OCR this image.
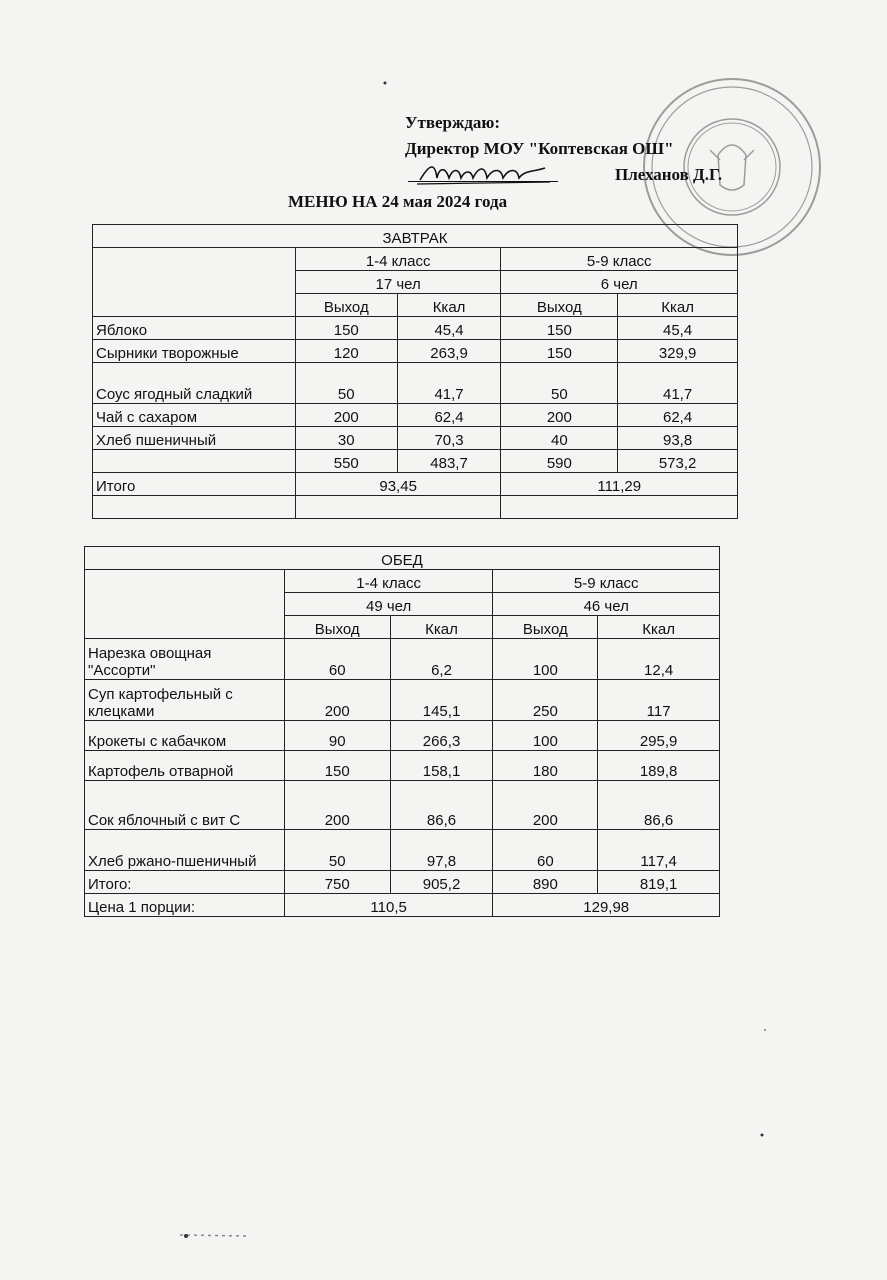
Утверждаю:
Директор МОУ "Коптевская ОШ"
Плеханов Д.Г.
МЕНЮ НА 24 мая 2024 года
ЗАВТРАК				
	1-4 класс		5-9 класс	
	17 чел		6 чел	
	Выход	Ккал	Выход	Ккал
Яблоко	150	45,4	150	45,4
Сырники творожные	120	263,9	150	329,9
Соус ягодный сладкий	50	41,7	50	41,7
Чай с сахаром	200	62,4	200	62,4
Хлеб пшеничный	30	70,3	40	93,8
	550	483,7	590	573,2
Итого	93,45		111,29	

ОБЕД				
	1-4 класс		5-9 класс	
	49 чел		46 чел	
	Выход	Ккал	Выход	Ккал
Нарезка овощная "Ассорти"	60	6,2	100	12,4
Суп картофельный с клецками	200	145,1	250	117
Крокеты с кабачком	90	266,3	100	295,9
Картофель отварной	150	158,1	180	189,8
Сок яблочный с вит С	200	86,6	200	86,6
Хлеб ржано-пшеничный	50	97,8	60	117,4
Итого:	750	905,2	890	819,1
Цена 1 порции:	110,5		129,98	
